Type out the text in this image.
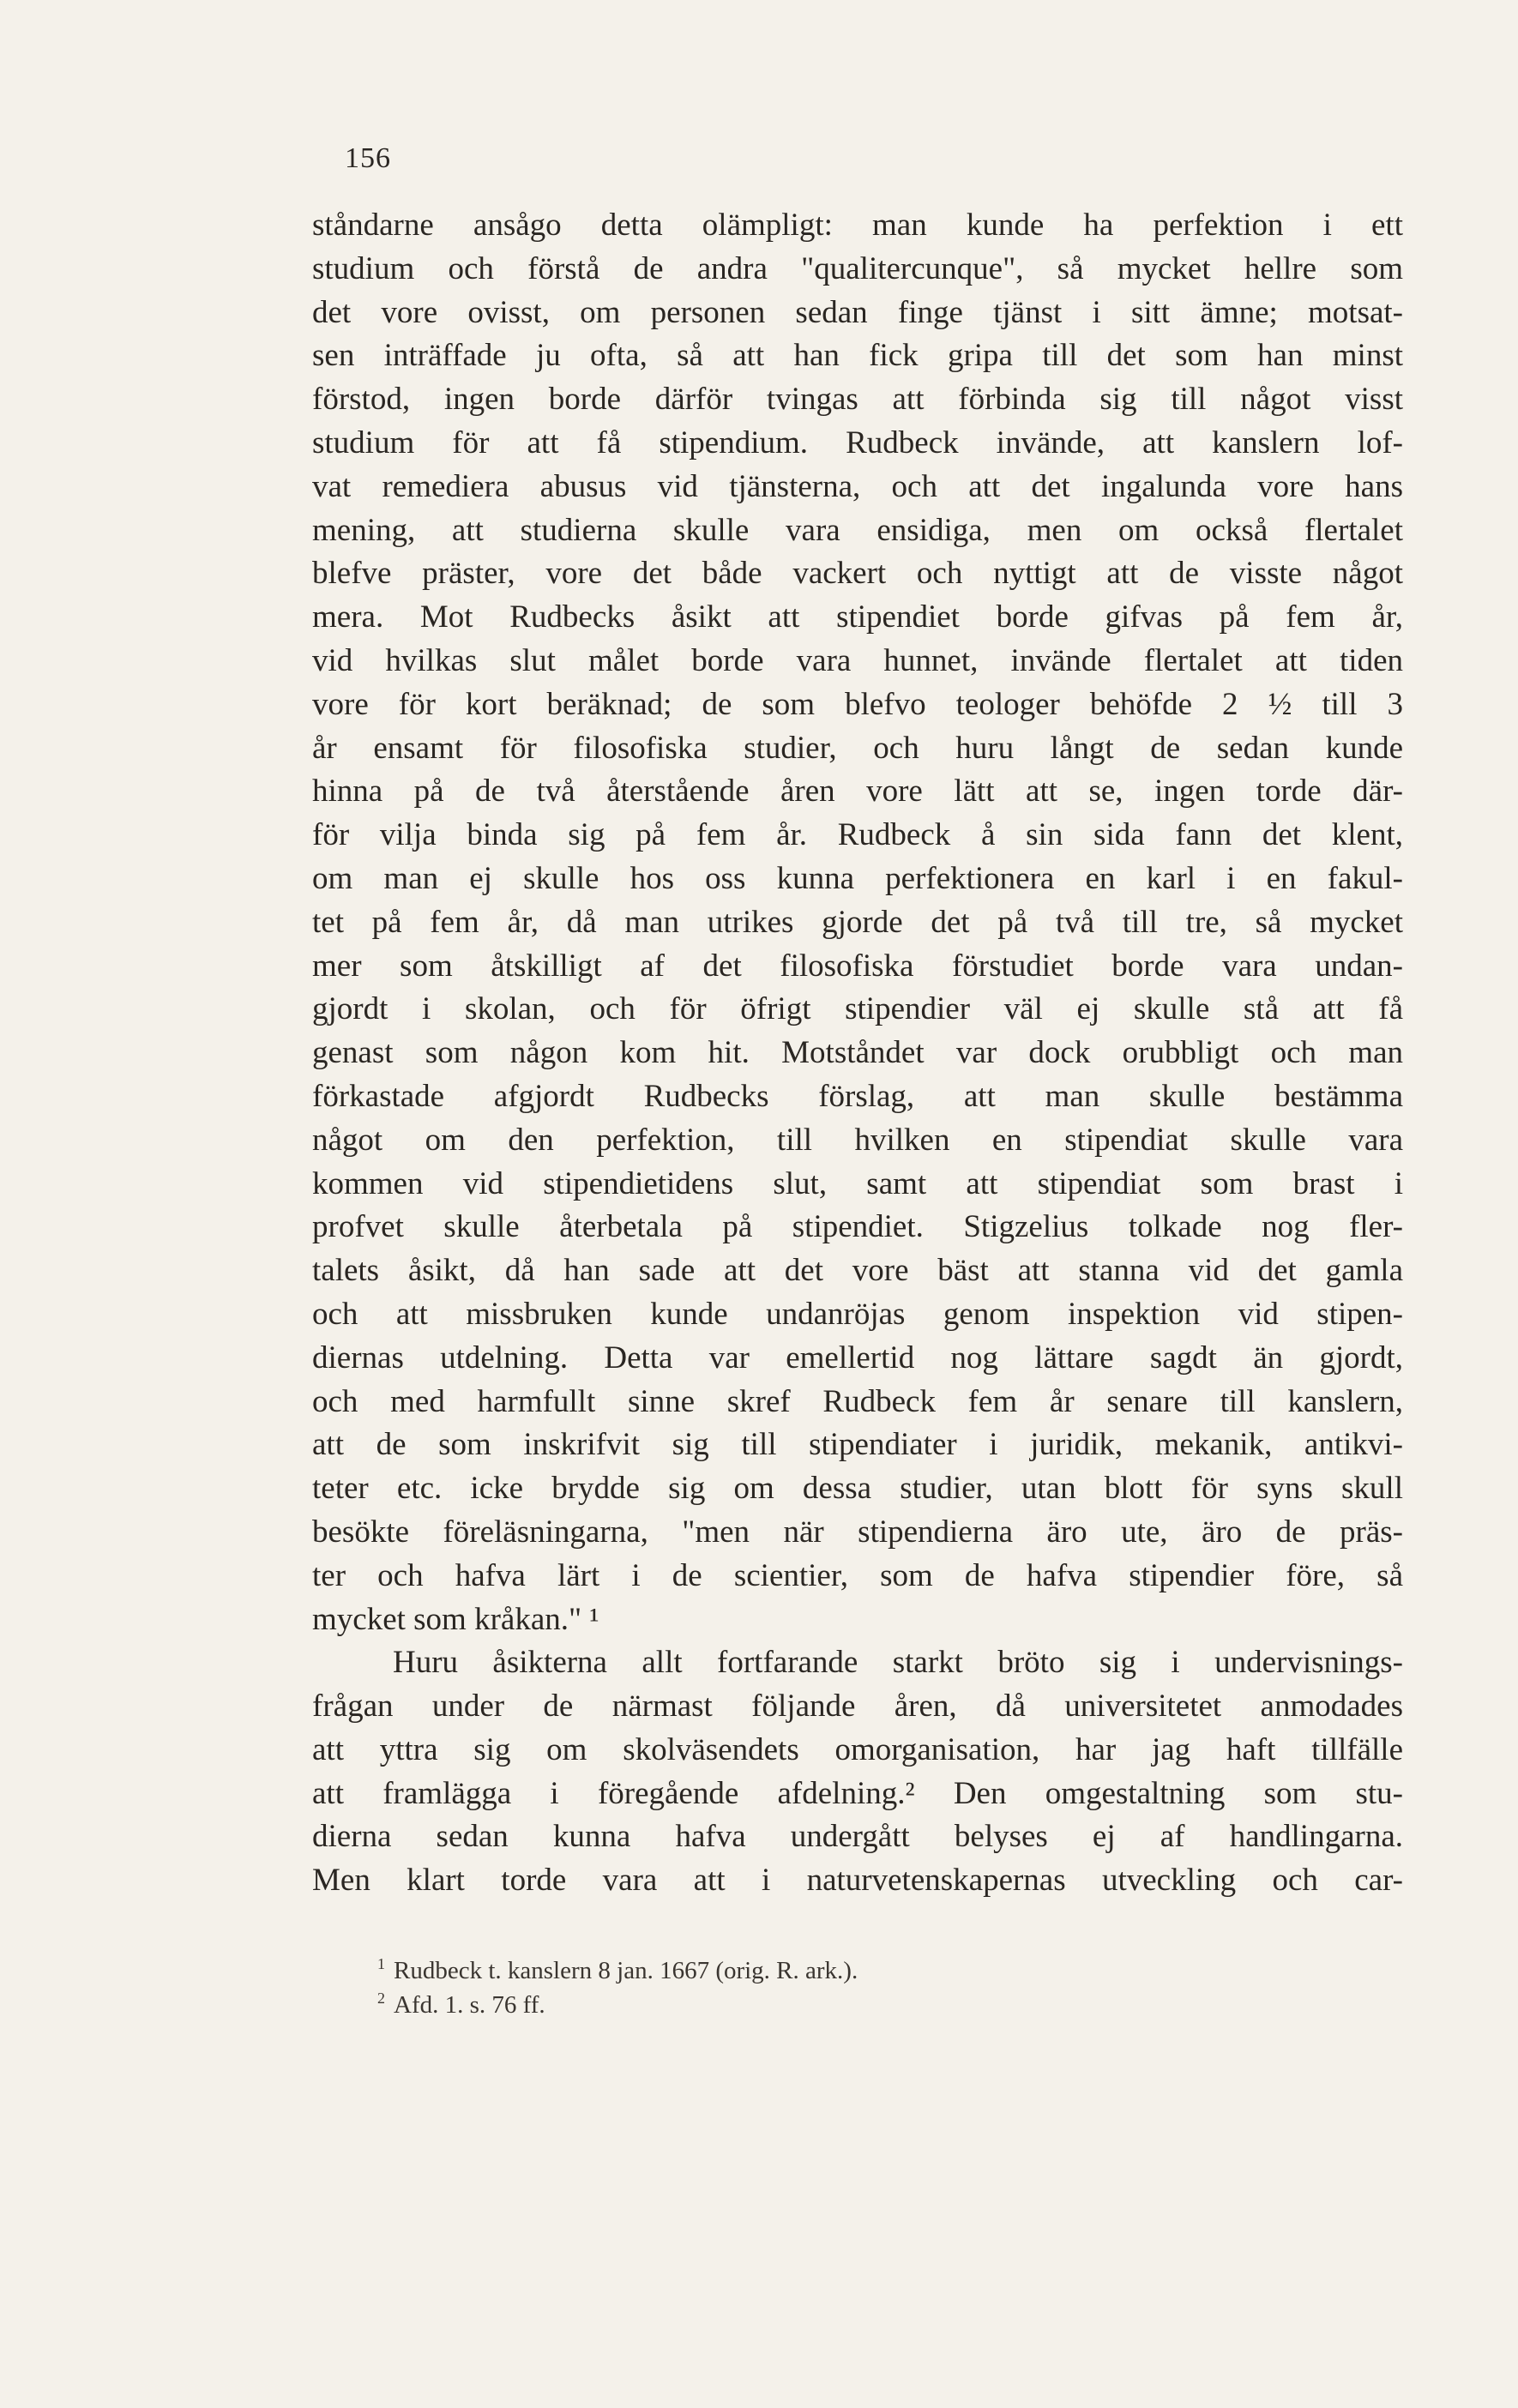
156
ståndarne ansågo detta olämpligt: man kunde ha perfektion i ett
studium och förstå de andra "qualitercunque", så mycket hellre som
det vore ovisst, om personen sedan finge tjänst i sitt ämne; motsat-
sen inträffade ju ofta, så att han fick gripa till det som han minst
förstod, ingen borde därför tvingas att förbinda sig till något visst
studium för att få stipendium. Rudbeck invände, att kanslern lof-
vat remediera abusus vid tjänsterna, och att det ingalunda vore hans
mening, att studierna skulle vara ensidiga, men om också flertalet
blefve präster, vore det både vackert och nyttigt att de visste något
mera. Mot Rudbecks åsikt att stipendiet borde gifvas på fem år,
vid hvilkas slut målet borde vara hunnet, invände flertalet att tiden
vore för kort beräknad; de som blefvo teologer behöfde 2 ½ till 3
år ensamt för filosofiska studier, och huru långt de sedan kunde
hinna på de två återstående åren vore lätt att se, ingen torde där-
för vilja binda sig på fem år. Rudbeck å sin sida fann det klent,
om man ej skulle hos oss kunna perfektionera en karl i en fakul-
tet på fem år, då man utrikes gjorde det på två till tre, så mycket
mer som åtskilligt af det filosofiska förstudiet borde vara undan-
gjordt i skolan, och för öfrigt stipendier väl ej skulle stå att få
genast som någon kom hit. Motståndet var dock orubbligt och man
förkastade afgjordt Rudbecks förslag, att man skulle bestämma
något om den perfektion, till hvilken en stipendiat skulle vara
kommen vid stipendietidens slut, samt att stipendiat som brast i
profvet skulle återbetala på stipendiet. Stigzelius tolkade nog fler-
talets åsikt, då han sade att det vore bäst att stanna vid det gamla
och att missbruken kunde undanröjas genom inspektion vid stipen-
diernas utdelning. Detta var emellertid nog lättare sagdt än gjordt,
och med harmfullt sinne skref Rudbeck fem år senare till kanslern,
att de som inskrifvit sig till stipendiater i juridik, mekanik, antikvi-
teter etc. icke brydde sig om dessa studier, utan blott för syns skull
besökte föreläsningarna, "men när stipendierna äro ute, äro de präs-
ter och hafva lärt i de scientier, som de hafva stipendier före, så
mycket som kråkan." ¹
Huru åsikterna allt fortfarande starkt bröto sig i undervisnings-
frågan under de närmast följande åren, då universitetet anmodades
att yttra sig om skolväsendets omorganisation, har jag haft tillfälle
att framlägga i föregående afdelning.² Den omgestaltning som stu-
dierna sedan kunna hafva undergått belyses ej af handlingarna.
Men klart torde vara att i naturvetenskapernas utveckling och car-
$^1$ Rudbeck t. kanslern 8 jan. 1667 (orig. R. ark.).
$^2$ Afd. 1. s. 76 ff.
